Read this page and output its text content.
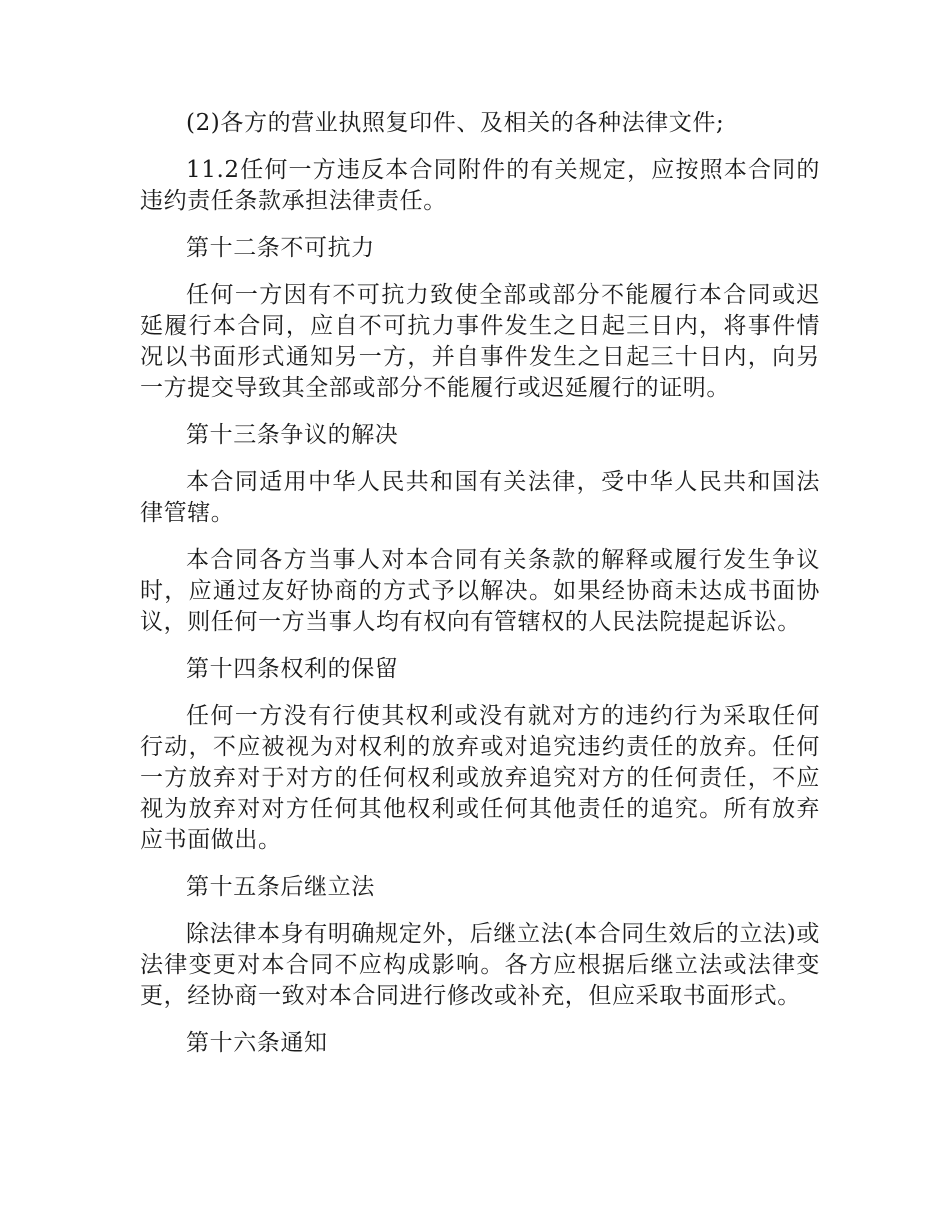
(2)各方的营业执照复印件、及相关的各种法律文件;

11.2任何一方违反本合同附件的有关规定，应按照本合同的违约责任条款承担法律责任。

第十二条不可抗力

任何一方因有不可抗力致使全部或部分不能履行本合同或迟延履行本合同，应自不可抗力事件发生之日起三日内，将事件情况以书面形式通知另一方，并自事件发生之日起三十日内，向另一方提交导致其全部或部分不能履行或迟延履行的证明。

第十三条争议的解决

本合同适用中华人民共和国有关法律，受中华人民共和国法律管辖。

本合同各方当事人对本合同有关条款的解释或履行发生争议时，应通过友好协商的方式予以解决。如果经协商未达成书面协议，则任何一方当事人均有权向有管辖权的人民法院提起诉讼。

第十四条权利的保留

任何一方没有行使其权利或没有就对方的违约行为采取任何行动，不应被视为对权利的放弃或对追究违约责任的放弃。任何一方放弃对于对方的任何权利或放弃追究对方的任何责任，不应视为放弃对对方任何其他权利或任何其他责任的追究。所有放弃应书面做出。

第十五条后继立法

除法律本身有明确规定外，后继立法(本合同生效后的立法)或法律变更对本合同不应构成影响。各方应根据后继立法或法律变更，经协商一致对本合同进行修改或补充，但应采取书面形式。

第十六条通知
